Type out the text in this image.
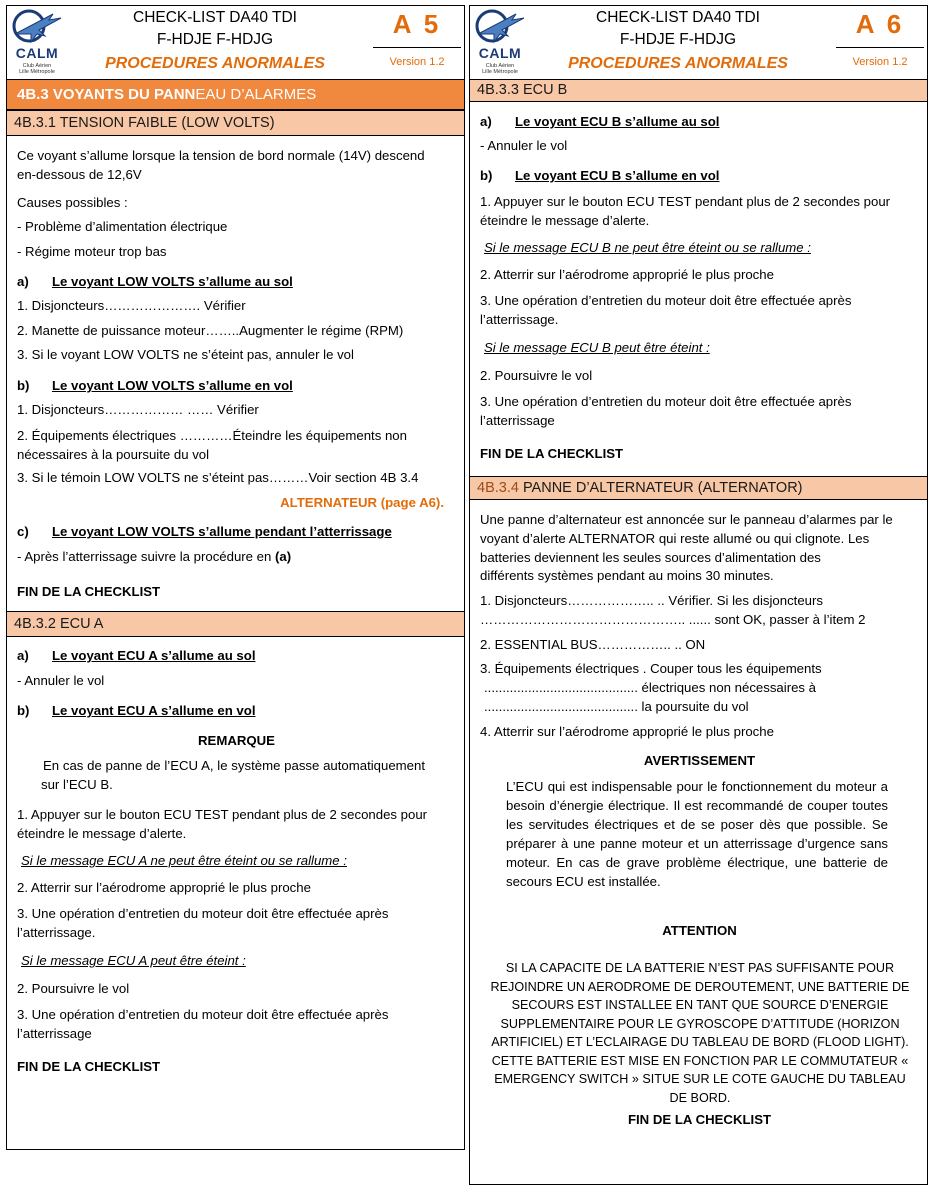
CALM
Club Aérien
Lille Métropole
CHECK-LIST DA40 TDI
F-HDJE F-HDJG
PROCEDURES ANORMALES
A 5
Version 1.2
4B.3 VOYANTS DU PANNEAU D’ALARMES
4B.3.1 TENSION FAIBLE (LOW VOLTS)
Ce voyant s’allume lorsque la tension de bord normale (14V) descend en-dessous de 12,6V
Causes possibles :
- Problème d’alimentation électrique
- Régime moteur trop bas
a) Le voyant LOW VOLTS s’allume au sol
1. Disjoncteurs…………………. Vérifier
2. Manette de puissance moteur……..Augmenter le régime (RPM)
3. Si le voyant LOW VOLTS ne s’éteint pas, annuler le vol
b) Le voyant LOW VOLTS s’allume en vol
1. Disjoncteurs……………… …… Vérifier
2. Équipements électriques …………Éteindre les équipements non nécessaires à la poursuite du vol
3. Si le témoin LOW VOLTS ne s’éteint pas………Voir section 4B 3.4
ALTERNATEUR (page A6).
c) Le voyant LOW VOLTS s’allume pendant l’atterrissage
- Après l’atterrissage suivre la procédure en (a)
FIN DE LA CHECKLIST
4B.3.2 ECU A
a) Le voyant ECU A s’allume au sol
- Annuler le vol
b) Le voyant ECU A s’allume en vol
REMARQUE
En cas de panne de l’ECU A, le système passe automatiquement sur l’ECU B.
1. Appuyer sur le bouton ECU TEST pendant plus de 2 secondes pour éteindre le message d’alerte.
Si le message ECU A ne peut être éteint ou se rallume :
2. Atterrir sur l’aérodrome approprié le plus proche
3. Une opération d’entretien du moteur doit être effectuée après l’atterrissage.
Si le message ECU A peut être éteint :
2. Poursuivre le vol
3. Une opération d’entretien du moteur doit être effectuée après l’atterrissage
FIN DE LA CHECKLIST
CALM
Club Aérien
Lille Métropole
CHECK-LIST DA40 TDI
F-HDJE F-HDJG
PROCEDURES ANORMALES
A 6
Version 1.2
4B.3.3 ECU B
a) Le voyant ECU B s’allume au sol
- Annuler le vol
b) Le voyant ECU B s’allume en vol
1. Appuyer sur le bouton ECU TEST pendant plus de 2 secondes pour éteindre le message d’alerte.
Si le message ECU B ne peut être éteint ou se rallume :
2. Atterrir sur l’aérodrome approprié le plus proche
3. Une opération d’entretien du moteur doit être effectuée après l’atterrissage.
Si le message ECU B peut être éteint :
2. Poursuivre le vol
3. Une opération d’entretien du moteur doit être effectuée après l’atterrissage
FIN DE LA CHECKLIST
4B.3.4 PANNE D’ALTERNATEUR (ALTERNATOR)
Une panne d’alternateur est annoncée sur le panneau d’alarmes par le voyant d’alerte ALTERNATOR qui reste allumé ou qui clignote. Les batteries deviennent les seules sources d’alimentation des
différents systèmes pendant au moins 30 minutes.
1. Disjoncteurs……………….. .. Vérifier. Si les disjoncteurs
……………………………………….. ...... sont OK, passer à l’item 2
2. ESSENTIAL BUS…………….. .. ON
3. Équipements électriques . Couper tous les équipements
.......................................... électriques non nécessaires à
.......................................... la poursuite du vol
4. Atterrir sur l’aérodrome approprié le plus proche
AVERTISSEMENT
L’ECU qui est indispensable pour le fonctionnement du moteur a besoin d’énergie électrique. Il est recommandé de couper toutes les servitudes électriques et de se poser dès que possible. Se préparer à une panne moteur et un atterrissage d’urgence sans moteur. En cas de grave problème électrique, une batterie de secours ECU est installée.
ATTENTION
SI LA CAPACITE DE LA BATTERIE N’EST PAS SUFFISANTE POUR REJOINDRE UN AERODROME DE DEROUTEMENT, UNE BATTERIE DE SECOURS EST INSTALLEE EN TANT QUE SOURCE D’ENERGIE SUPPLEMENTAIRE POUR LE GYROSCOPE D’ATTITUDE (HORIZON ARTIFICIEL) ET L’ECLAIRAGE DU TABLEAU DE BORD (FLOOD LIGHT). CETTE BATTERIE EST MISE EN FONCTION PAR LE COMMUTATEUR « EMERGENCY SWITCH » SITUE SUR LE COTE GAUCHE DU TABLEAU DE BORD.
FIN DE LA CHECKLIST
